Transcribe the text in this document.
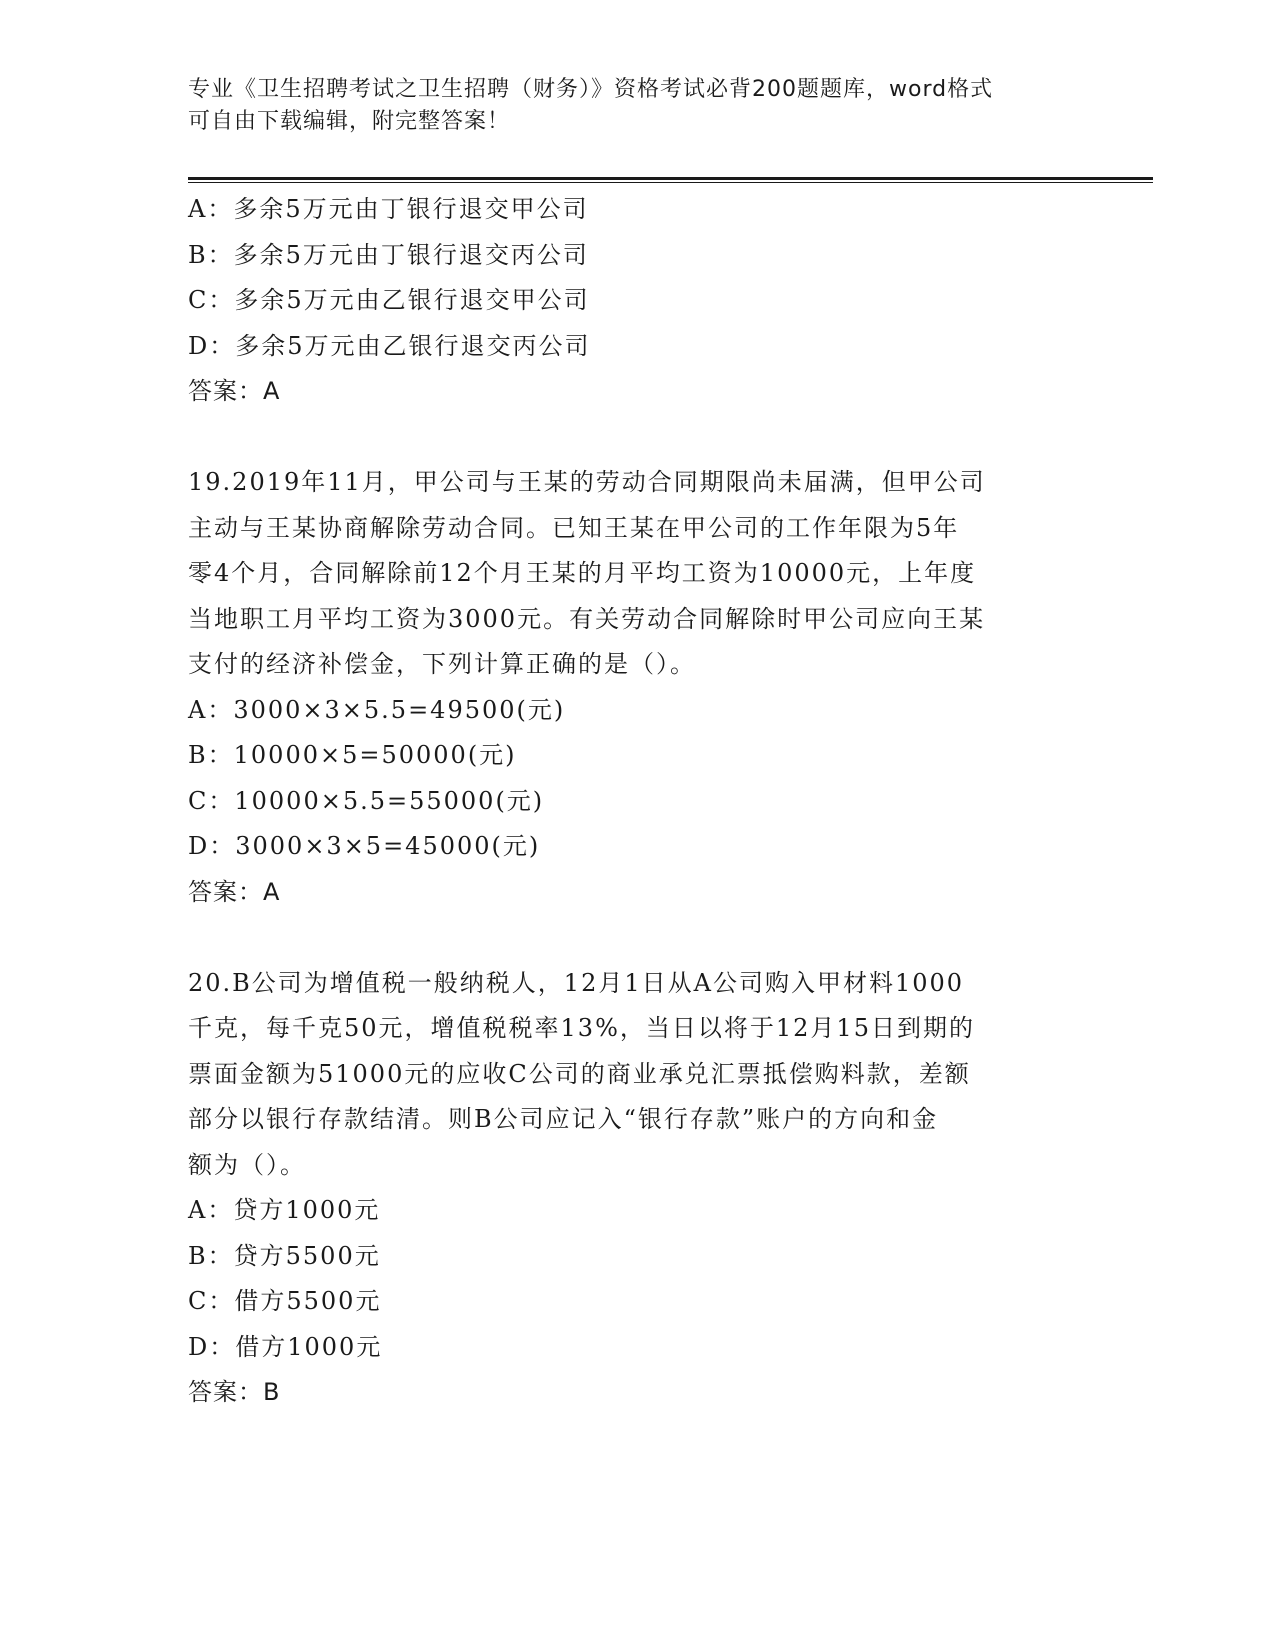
专业《卫生招聘考试之卫生招聘（财务）》资格考试必背200题题库，word格式
可自由下载编辑，附完整答案！
A：多余5万元由丁银行退交甲公司
B：多余5万元由丁银行退交丙公司
C：多余5万元由乙银行退交甲公司
D：多余5万元由乙银行退交丙公司
答案：A
19.2019年11月，甲公司与王某的劳动合同期限尚未届满，但甲公司
主动与王某协商解除劳动合同。已知王某在甲公司的工作年限为5年
零4个月，合同解除前12个月王某的月平均工资为10000元，上年度
当地职工月平均工资为3000元。有关劳动合同解除时甲公司应向王某
支付的经济补偿金，下列计算正确的是（）。
A：3000×3×5.5=49500(元)
B：10000×5=50000(元)
C：10000×5.5=55000(元)
D：3000×3×5=45000(元)
答案：A
20.B公司为增值税一般纳税人，12月1日从A公司购入甲材料1000
千克，每千克50元，增值税税率13%，当日以将于12月15日到期的
票面金额为51000元的应收C公司的商业承兑汇票抵偿购料款，差额
部分以银行存款结清。则B公司应记入“银行存款”账户的方向和金
额为（）。
A：贷方1000元
B：贷方5500元
C：借方5500元
D：借方1000元
答案：B
